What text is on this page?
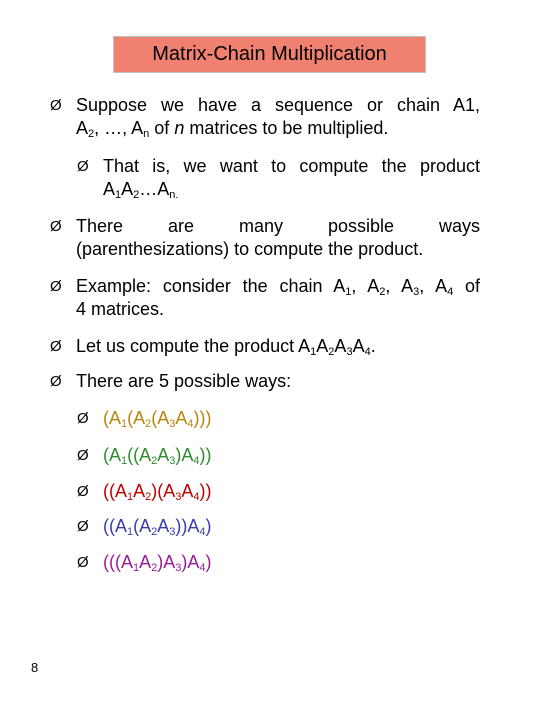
Matrix-Chain Multiplication
Ø Suppose we have a sequence or chain A1,
$A_2$, …, $A_n$ of n matrices to be multiplied.
Ø That is, we want to compute the product
$A_1A_2\dots A_{n.}$
Ø There are many possible ways
(parenthesizations) to compute the product.
Ø Example: consider the chain $A_1$, $A_2$, $A_3$, $A_4$ of
4 matrices.
Ø Let us compute the product $A_1A_2A_3A_4$.
Ø There are 5 possible ways:
Ø $(A_1(A_2(A_3A_4)))$
Ø $(A_1((A_2A_3)A_4))$
Ø $((A_1A_2)(A_3A_4))$
Ø $((A_1(A_2A_3))A_4)$
Ø $(((A_1A_2)A_3)A_4)$
8
